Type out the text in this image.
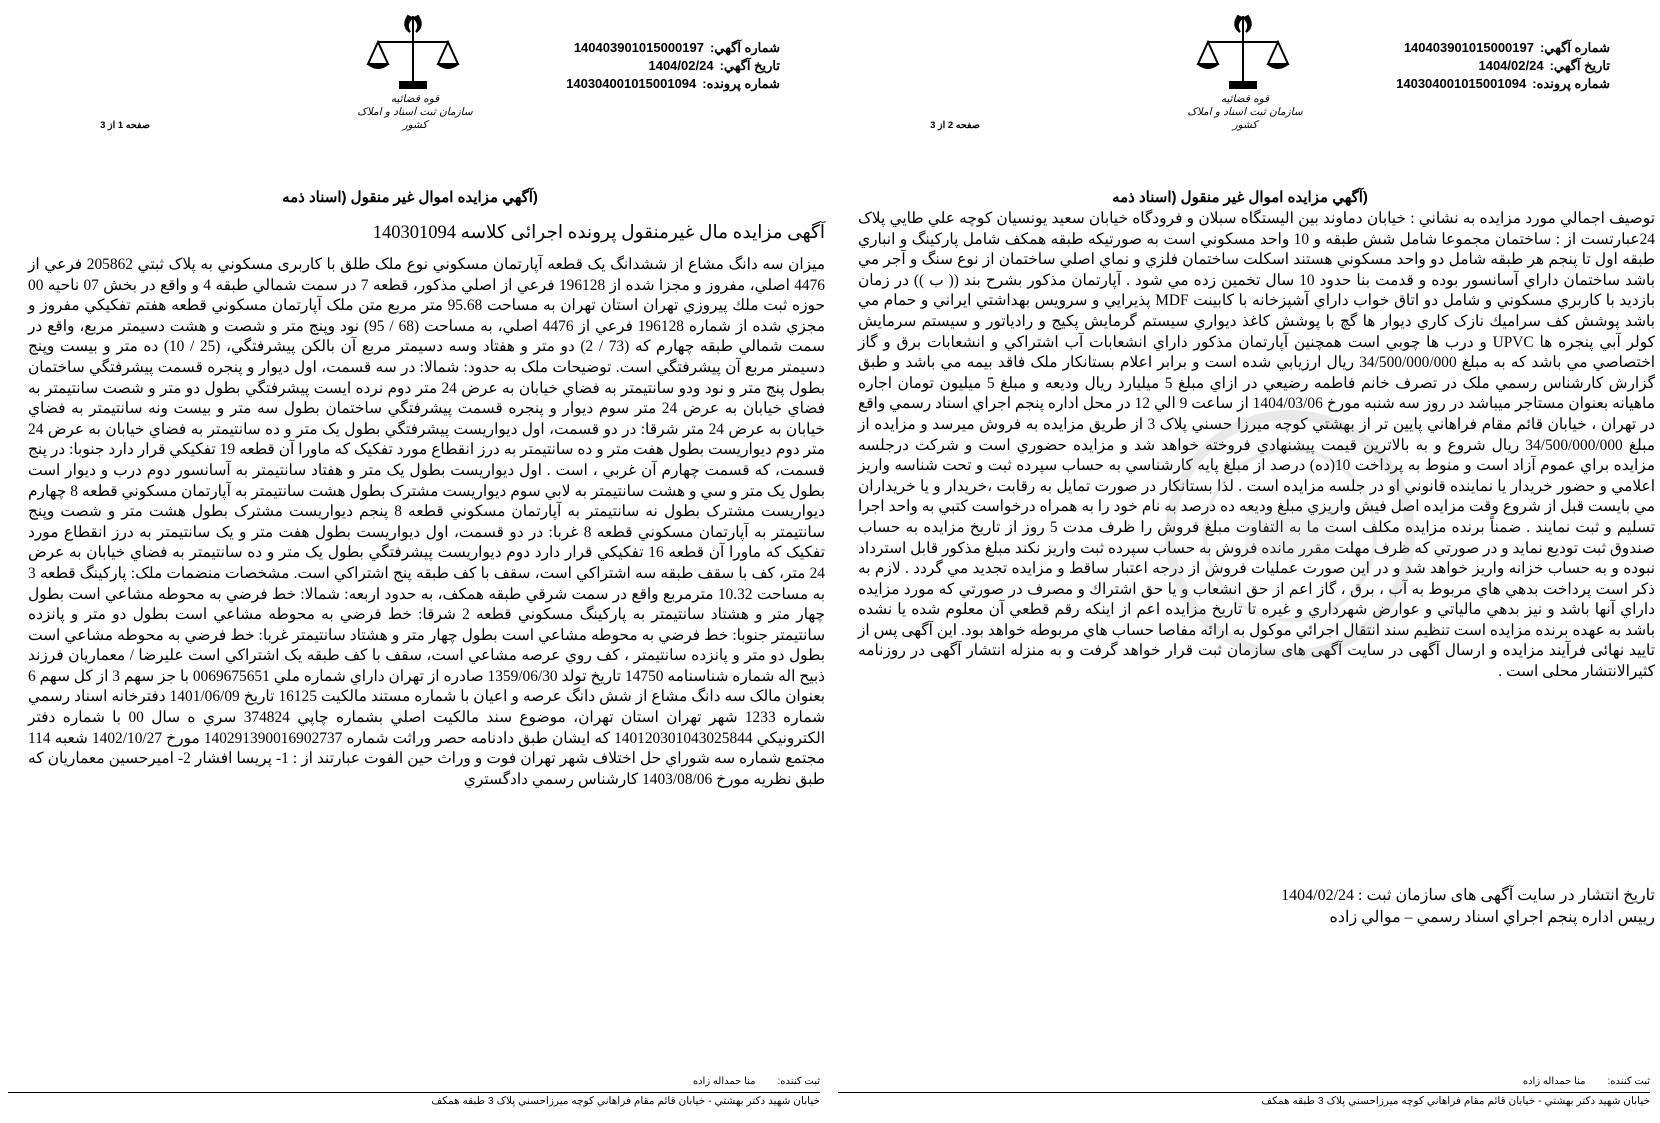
قوه قضائیه
سازمان ثبت اسناد و املاک کشور
شماره آگهي:140403901015000197
تاريخ آگهي:1404/02/24
شماره پرونده:140304001015001094
صفحه 1 از 3
(آگهي مزايده اموال غير منقول (اسناد ذمه
آگهی مزایده مال غیرمنقول پرونده اجرائی کلاسه 140301094
ميزان سه دانگ مشاع از ششدانگ يک قطعه آپارتمان مسکوني نوع ملک طلق با کاربری مسكوني به پلاک ثبتي 205862 فرعي از 4476 اصلي، مفروز و مجزا شده از 196128 فرعي از اصلي مذکور، قطعه 7 در سمت شمالي طبقه 4 و واقع در بخش 07 ناحيه 00 حوزه ثبت ملك پيروزي تهران استان تهران به مساحت 95.68 متر مربع متن ملک آپارتمان مسکوني قطعه هفتم تفکيکي مفروز و مجزي شده از شماره 196128 فرعي از 4476 اصلي، به مساحت (68 / 95) نود وپنج متر و شصت و هشت دسيمتر مربع، واقع در سمت شمالي طبقه چهارم كه (73 / 2) دو متر و هفتاد وسه دسيمتر مربع آن بالكن پيشرفتگي، (25 / 10) ده متر و بيست وپنج دسيمتر مربع آن پيشرفتگي است. توضيحات ملک به حدود: شمالا: در سه قسمت، اول ديوار و پنجره قسمت پيشرفتگي ساختمان بطول پنج متر و نود ودو سانتيمتر به فضاي خيابان به عرض 24 متر دوم نرده ايست پيشرفتگي بطول دو متر و شصت سانتيمتر به فضاي خيابان به عرض 24 متر سوم ديوار و پنجره قسمت پيشرفتگي ساختمان بطول سه متر و بيست ونه سانتيمتر به فضاي خيابان به عرض 24 متر شرقا: در دو قسمت، اول ديواريست پيشرفتگي بطول يک متر و ده سانتيمتر به فضاي خيابان به عرض 24 متر دوم ديواريست بطول هفت متر و ده سانتيمتر به درز انقطاع مورد تفکيک که ماورا آن قطعه 19 تفکيکي قرار دارد جنوبا: در پنج قسمت، که قسمت چهارم آن غربي ، است . اول ديواريست بطول يک متر و هفتاد سانتيمتر به آسانسور دوم درب و ديوار است بطول يک متر و سي و هشت سانتيمتر به لابي سوم ديواريست مشترک بطول هشت سانتيمتر به آپارتمان مسكوني قطعه 8 چهارم ديواريست مشترک بطول نه سانتيمتر به آپارتمان مسكوني قطعه 8 پنجم ديواريست مشترک بطول هشت متر و شصت وپنج سانتيمتر به آپارتمان مسكوني قطعه 8 غربا: در دو قسمت، اول ديواريست بطول هفت متر و يک سانتيمتر به درز انقطاع مورد تفکيک که ماورا آن قطعه 16 تفکيکي قرار دارد دوم ديواريست پيشرفتگي بطول يک متر و ده سانتيمتر به فضاي خيابان به عرض 24 متر، کف با سقف طبقه سه اشتراکي است، سقف با کف طبقه پنج اشتراکي است. مشخصات منضمات ملک: پارکينگ قطعه 3 به مساحت 10.32 مترمربع واقع در سمت شرقي طبقه همكف، به حدود اربعه: شمالا: خط فرضي به محوطه مشاعي است بطول چهار متر و هشتاد سانتيمتر به پارکينگ مسكوني قطعه 2 شرقا: خط فرضي به محوطه مشاعي است بطول دو متر و پانزده سانتيمتر جنوبا: خط فرضي به محوطه مشاعي است بطول چهار متر و هشتاد سانتيمتر غربا: خط فرضي به محوطه مشاعي است بطول دو متر و پانزده سانتيمتر ، کف روي عرصه مشاعي است، سقف با کف طبقه يک اشتراکي است عليرضا / معماريان فرزند ذبيح اله شماره شناسنامه 14750 تاريخ تولد 1359/06/30 صادره از تهران داراي شماره ملي 0069675651 با جز سهم 3 از کل سهم 6 بعنوان مالک سه دانگ مشاع از شش دانگ عرصه و اعيان با شماره مستند مالکيت 16125 تاريخ 1401/06/09 دفترخانه اسناد رسمي شماره 1233 شهر تهران استان تهران، موضوع سند مالکيت اصلي بشماره چاپي 374824 سري ه سال 00 با شماره دفتر الكترونيكي 140120301043025844 كه ايشان طبق دادنامه حصر وراثت شماره 140291390016902737 مورخ 1402/10/27 شعبه 114 مجتمع شماره سه شوراي حل اختلاف شهر تهران فوت و وراث حين الفوت عبارتند از : 1- پريسا افشار 2- اميرحسين معماريان كه طبق نظريه مورخ 1403/08/06 كارشناس رسمي دادگستري
ثبت کننده:منا حمداله زاده
خيابان شهيد دکتر بهشتي - خيابان قائم مقام فراهاني کوچه ميرزاحسني پلاک 3 طبقه همکف
قوه قضائیه
سازمان ثبت اسناد و املاک کشور
شماره آگهي:140403901015000197
تاريخ آگهي:1404/02/24
شماره پرونده:140304001015001094
صفحه 2 از 3
(آگهي مزايده اموال غير منقول (اسناد ذمه
توصيف اجمالي مورد مزايده به نشاني : خيابان دماوند بين الیستگاه سبلان و فرودگاه خيابان سعيد يونسيان كوچه علي طايي پلاک 24عبارتست از : ساختمان مجموعا شامل شش طبقه و 10 واحد مسكوني است به صورتيكه طبقه همكف شامل پاركينگ و انباري طبقه اول تا پنجم هر طبقه شامل دو واحد مسكوني هستند اسكلت ساختمان فلزي و نماي اصلي ساختمان از نوع سنگ و آجر مي باشد ساختمان داراي آسانسور بوده و قدمت بنا حدود 10 سال تخمين زده مي شود . آپارتمان مذكور بشرح بند (( ب )) در زمان بازديد با كاربري مسكوني و شامل دو اتاق خواب داراي آشپزخانه با كابينت MDF پذيرايي و سرويس بهداشتي ايراني و حمام مي باشد پوشش كف سراميك نازک كاري ديوار ها گچ با پوشش كاغذ ديواري سيستم گرمايش پكيج و رادياتور و سيستم سرمايش كولر آبي پنجره ها UPVC و درب ها چوبي است همچنين آپارتمان مذكور داراي انشعابات آب اشتراكي و انشعابات برق و گاز اختصاصي مي باشد که به مبلغ 34/500/000/000 ريال ارزيابي شده است و برابر اعلام بستانکار ملک فاقد بيمه مي باشد و طبق گزارش كارشناس رسمي ملک در تصرف خانم فاطمه رضيعي در ازاي مبلغ 5 ميليارد ريال وديعه و مبلغ 5 ميليون تومان اجاره ماهيانه بعنوان مستاجر ميباشد در روز سه شنبه مورخ 1404/03/06 از ساعت 9 الي 12 در محل اداره پنجم اجراي اسناد رسمي واقع در تهران ، خيابان قائم مقام فراهاني پايين تر از بهشتي کوچه ميرزا حسني پلاک 3 از طريق مزايده به فروش ميرسد و مزايده از مبلغ 34/500/000/000 ريال شروع و به بالاترين قيمت پيشنهادي فروخته خواهد شد و مزايده حضوري است و شرکت درجلسه مزايده براي عموم آزاد است و منوط به پرداخت 10(ده) درصد از مبلغ پايه کارشناسي به حساب سپرده ثبت و تحت شناسه واريز اعلامي و حضور خريدار يا نماينده قانوني او در جلسه مزايده است . لذا بستانكار در صورت تمايل به رقابت ،خريدار و يا خريداران مي بايست قبل از شروع وقت مزايده اصل فيش واريزي مبلغ وديعه ده درصد به نام خود را به همراه درخواست كتبي به واحد اجرا تسليم و ثبت نمايند . ضمناً برنده مزايده مكلف است ما به التفاوت مبلغ فروش را ظرف مدت 5 روز از تاريخ مزايده به حساب صندوق ثبت توديع نمايد و در صورتي كه ظرف مهلت مقرر مانده فروش به حساب سپرده ثبت واريز نكند مبلغ مذكور قابل استرداد نبوده و به حساب خزانه واريز خواهد شد و در اين صورت عمليات فروش از درجه اعتبار ساقط و مزايده تجديد مي گردد . لازم به ذكر است پرداخت بدهي هاي مربوط به آب ، برق ، گاز اعم از حق انشعاب و يا حق اشتراك و مصرف در صورتي كه مورد مزايده داراي آنها باشد و نيز بدهي مالياتي و عوارض شهرداري و غيره تا تاريخ مزايده اعم از اينكه رقم قطعي آن معلوم شده يا نشده باشد به عهده برنده مزايده است تنظيم سند انتقال اجرائي موكول به ارائه مفاصا حساب هاي مربوطه خواهد بود. اين آگهی پس از تاييد نهائی فرآيند مزايده و ارسال آگهی در سايت آگهی های سازمان ثبت قرار خواهد گرفت و به منزله انتشار آگهی در روزنامه کثيرالانتشار محلی است .
تاريخ انتشار در سايت آگهی های سازمان ثبت : 1404/02/24
رييس اداره پنجم اجراي اسناد رسمي – موالي زاده
ثبت کننده:منا حمداله زاده
خيابان شهيد دکتر بهشتي - خيابان قائم مقام فراهاني کوچه ميرزاحسني پلاک 3 طبقه همکف
